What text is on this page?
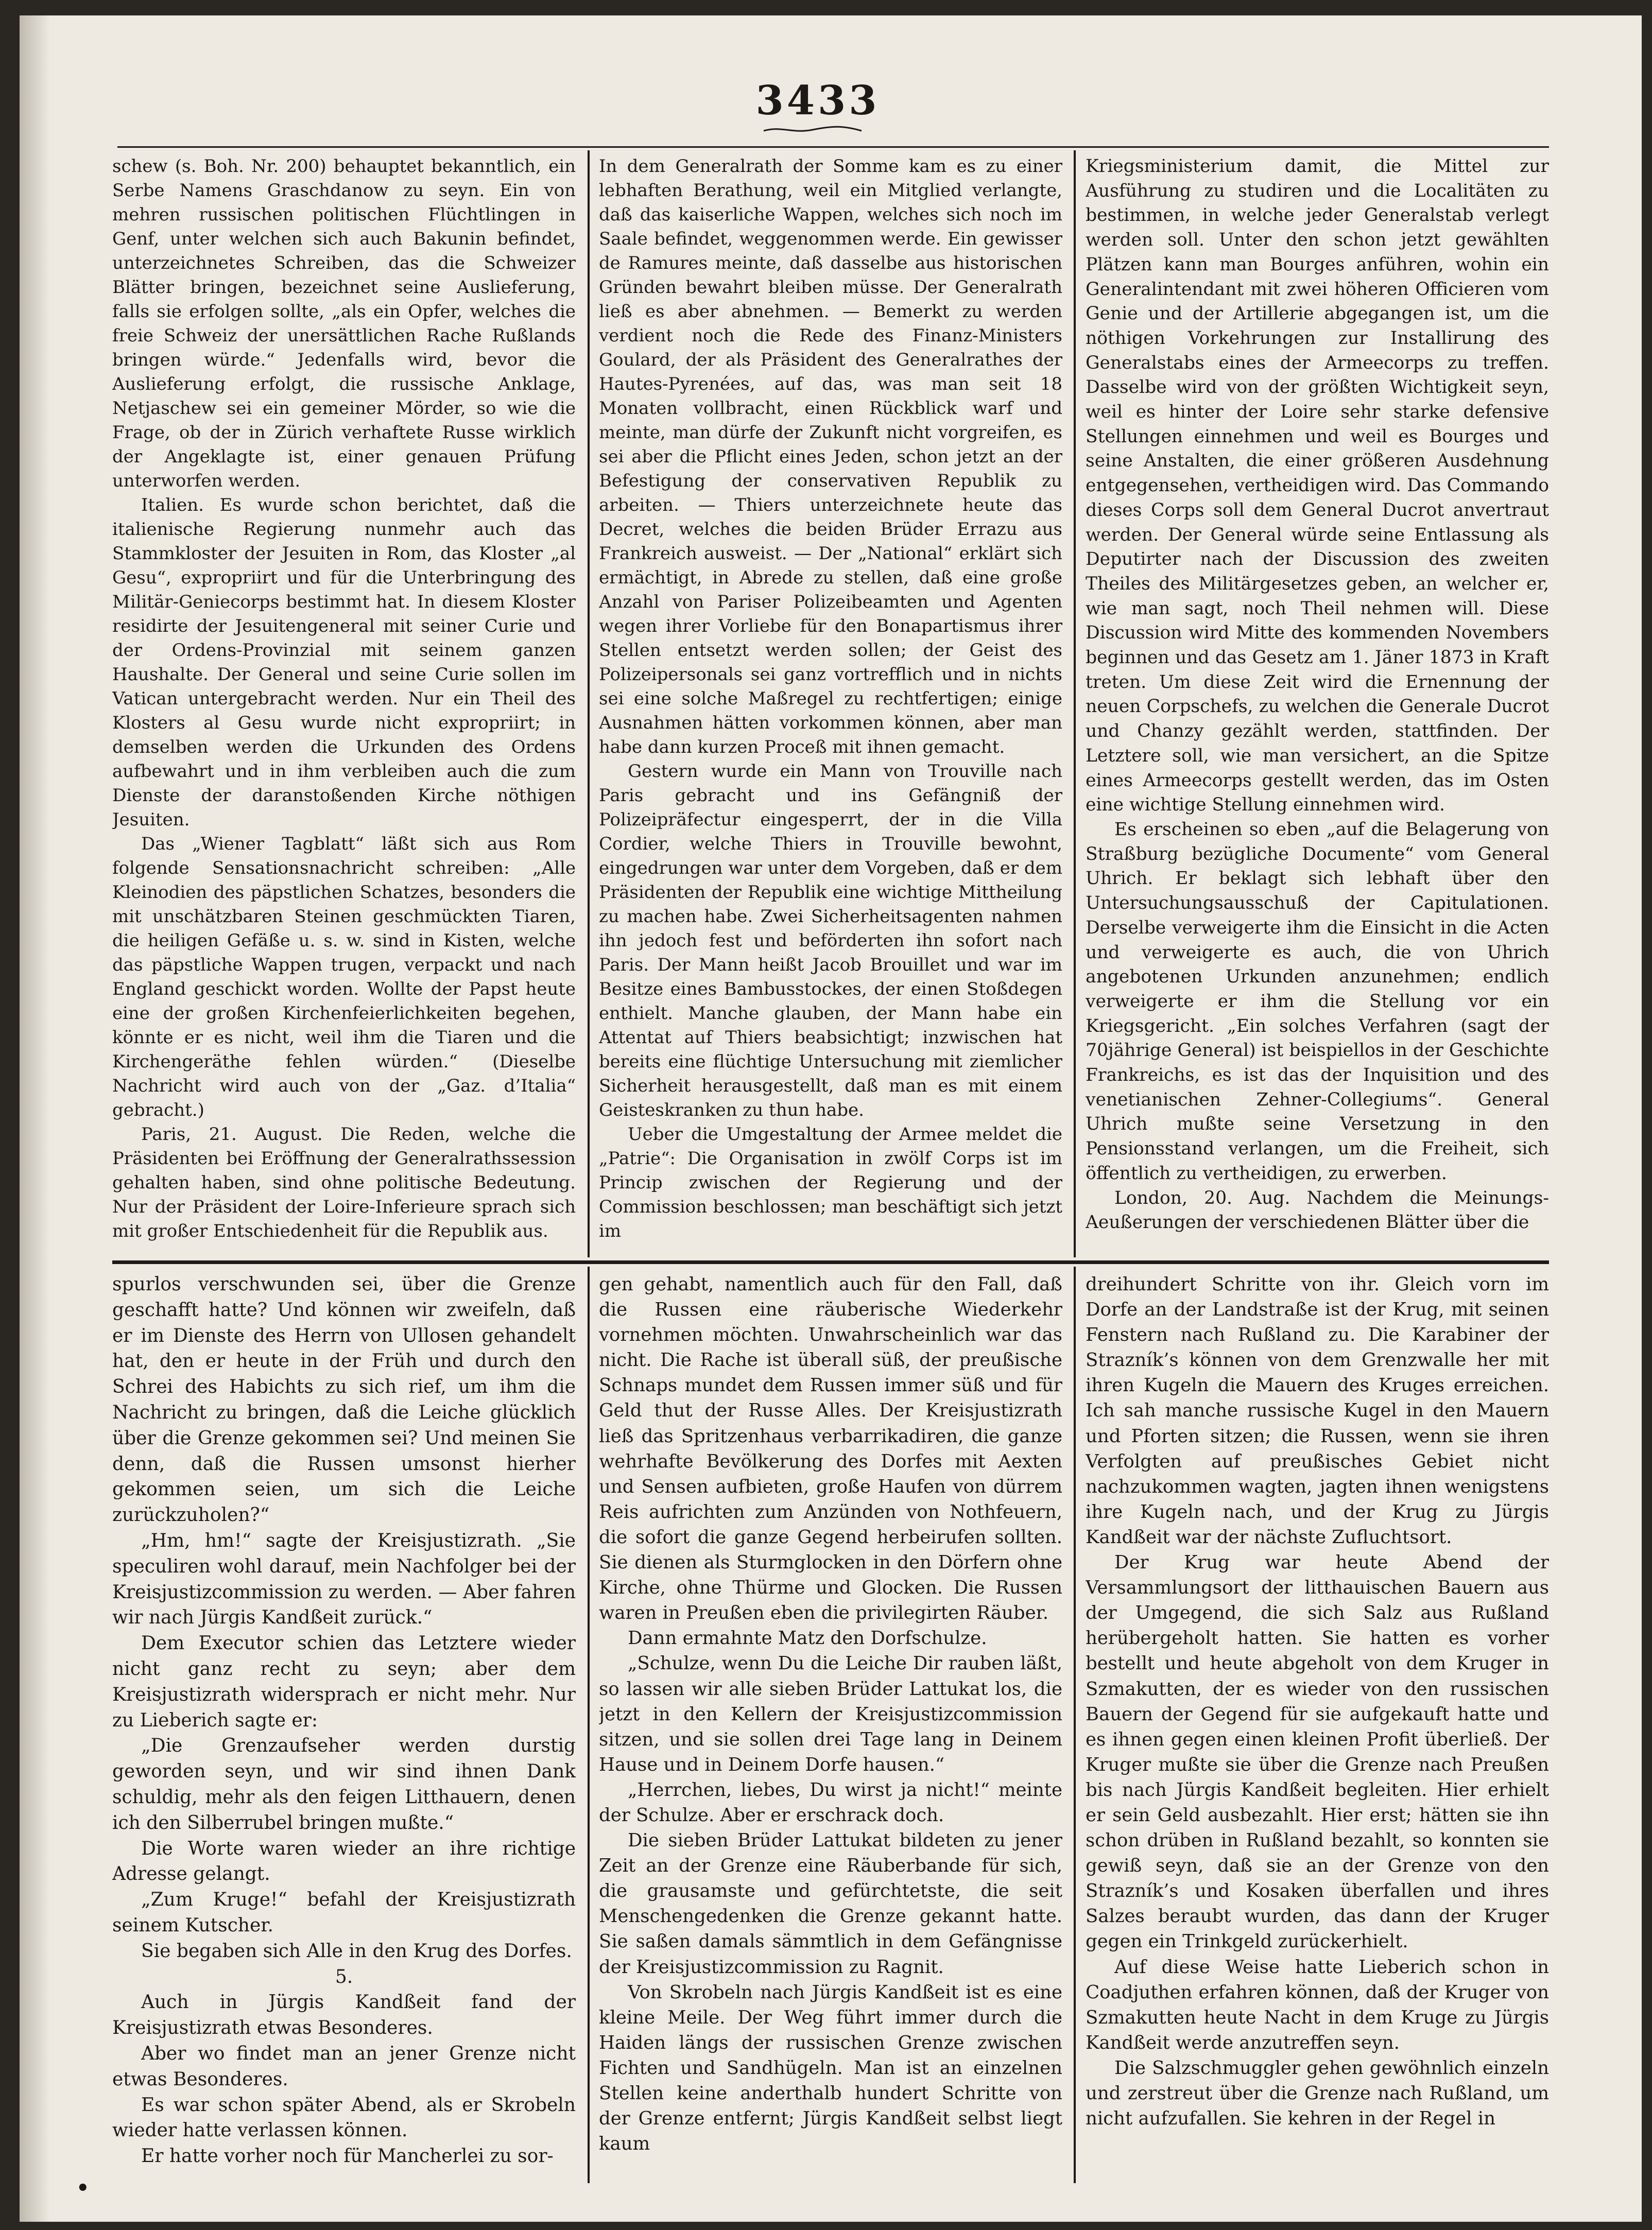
3433

schew (s. Boh. Nr. 200) behauptet bekanntlich, ein Serbe Namens Graschdanow zu seyn. Ein von mehren russischen politischen Flüchtlingen in Genf, unter welchen sich auch Bakunin befindet, unterzeichnetes Schreiben, das die Schweizer Blätter bringen, bezeichnet seine Auslieferung, falls sie erfolgen sollte, „als ein Opfer, welches die freie Schweiz der unersättlichen Rache Rußlands bringen würde.“ Jedenfalls wird, bevor die Auslieferung erfolgt, die russische Anklage, Netjaschew sei ein gemeiner Mörder, so wie die Frage, ob der in Zürich verhaftete Russe wirklich der Angeklagte ist, einer genauen Prüfung unterworfen werden.

Italien. Es wurde schon berichtet, daß die italienische Regierung nunmehr auch das Stammkloster der Jesuiten in Rom, das Kloster „al Gesu“, expropriirt und für die Unterbringung des Militär-Geniecorps bestimmt hat. In diesem Kloster residirte der Jesuitengeneral mit seiner Curie und der Ordens-Provinzial mit seinem ganzen Haushalte. Der General und seine Curie sollen im Vatican untergebracht werden. Nur ein Theil des Klosters al Gesu wurde nicht expropriirt; in demselben werden die Urkunden des Ordens aufbewahrt und in ihm verbleiben auch die zum Dienste der daranstoßenden Kirche nöthigen Jesuiten.

Das „Wiener Tagblatt“ läßt sich aus Rom folgende Sensationsnachricht schreiben: „Alle Kleinodien des päpstlichen Schatzes, besonders die mit unschätzbaren Steinen geschmückten Tiaren, die heiligen Gefäße u. s. w. sind in Kisten, welche das päpstliche Wappen trugen, verpackt und nach England geschickt worden. Wollte der Papst heute eine der großen Kirchenfeierlichkeiten begehen, könnte er es nicht, weil ihm die Tiaren und die Kirchengeräthe fehlen würden.“ (Dieselbe Nachricht wird auch von der „Gaz. d’Italia“ gebracht.)

Paris, 21. August. Die Reden, welche die Präsidenten bei Eröffnung der Generalrathssession gehalten haben, sind ohne politische Bedeutung. Nur der Präsident der Loire-Inferieure sprach sich mit großer Entschiedenheit für die Republik aus.

In dem Generalrath der Somme kam es zu einer lebhaften Berathung, weil ein Mitglied verlangte, daß das kaiserliche Wappen, welches sich noch im Saale befindet, weggenommen werde. Ein gewisser de Ramures meinte, daß dasselbe aus historischen Gründen bewahrt bleiben müsse. Der Generalrath ließ es aber abnehmen. — Bemerkt zu werden verdient noch die Rede des Finanz-Ministers Goulard, der als Präsident des Generalrathes der Hautes-Pyrenées, auf das, was man seit 18 Monaten vollbracht, einen Rückblick warf und meinte, man dürfe der Zukunft nicht vorgreifen, es sei aber die Pflicht eines Jeden, schon jetzt an der Befestigung der conservativen Republik zu arbeiten. — Thiers unterzeichnete heute das Decret, welches die beiden Brüder Errazu aus Frankreich ausweist. — Der „National“ erklärt sich ermächtigt, in Abrede zu stellen, daß eine große Anzahl von Pariser Polizeibeamten und Agenten wegen ihrer Vorliebe für den Bonapartismus ihrer Stellen entsetzt werden sollen; der Geist des Polizeipersonals sei ganz vortrefflich und in nichts sei eine solche Maßregel zu rechtfertigen; einige Ausnahmen hätten vorkommen können, aber man habe dann kurzen Proceß mit ihnen gemacht.

Gestern wurde ein Mann von Trouville nach Paris gebracht und ins Gefängniß der Polizeipräfectur eingesperrt, der in die Villa Cordier, welche Thiers in Trouville bewohnt, eingedrungen war unter dem Vorgeben, daß er dem Präsidenten der Republik eine wichtige Mittheilung zu machen habe. Zwei Sicherheitsagenten nahmen ihn jedoch fest und beförderten ihn sofort nach Paris. Der Mann heißt Jacob Brouillet und war im Besitze eines Bambusstockes, der einen Stoßdegen enthielt. Manche glauben, der Mann habe ein Attentat auf Thiers beabsichtigt; inzwischen hat bereits eine flüchtige Untersuchung mit ziemlicher Sicherheit herausgestellt, daß man es mit einem Geisteskranken zu thun habe.

Ueber die Umgestaltung der Armee meldet die „Patrie“: Die Organisation in zwölf Corps ist im Princip zwischen der Regierung und der Commission beschlossen; man beschäftigt sich jetzt im

Kriegsministerium damit, die Mittel zur Ausführung zu studiren und die Localitäten zu bestimmen, in welche jeder Generalstab verlegt werden soll. Unter den schon jetzt gewählten Plätzen kann man Bourges anführen, wohin ein Generalintendant mit zwei höheren Officieren vom Genie und der Artillerie abgegangen ist, um die nöthigen Vorkehrungen zur Installirung des Generalstabs eines der Armeecorps zu treffen. Dasselbe wird von der größten Wichtigkeit seyn, weil es hinter der Loire sehr starke defensive Stellungen einnehmen und weil es Bourges und seine Anstalten, die einer größeren Ausdehnung entgegensehen, vertheidigen wird. Das Commando dieses Corps soll dem General Ducrot anvertraut werden. Der General würde seine Entlassung als Deputirter nach der Discussion des zweiten Theiles des Militärgesetzes geben, an welcher er, wie man sagt, noch Theil nehmen will. Diese Discussion wird Mitte des kommenden Novembers beginnen und das Gesetz am 1. Jäner 1873 in Kraft treten. Um diese Zeit wird die Ernennung der neuen Corpschefs, zu welchen die Generale Ducrot und Chanzy gezählt werden, stattfinden. Der Letztere soll, wie man versichert, an die Spitze eines Armeecorps gestellt werden, das im Osten eine wichtige Stellung einnehmen wird.

Es erscheinen so eben „auf die Belagerung von Straßburg bezügliche Documente“ vom General Uhrich. Er beklagt sich lebhaft über den Untersuchungsausschuß der Capitulationen. Derselbe verweigerte ihm die Einsicht in die Acten und verweigerte es auch, die von Uhrich angebotenen Urkunden anzunehmen; endlich verweigerte er ihm die Stellung vor ein Kriegsgericht. „Ein solches Verfahren (sagt der 70jährige General) ist beispiellos in der Geschichte Frankreichs, es ist das der Inquisition und des venetianischen Zehner-Collegiums“. General Uhrich mußte seine Versetzung in den Pensionsstand verlangen, um die Freiheit, sich öffentlich zu vertheidigen, zu erwerben.

London, 20. Aug. Nachdem die Meinungs-Aeußerungen der verschiedenen Blätter über die

spurlos verschwunden sei, über die Grenze geschafft hatte? Und können wir zweifeln, daß er im Dienste des Herrn von Ullosen gehandelt hat, den er heute in der Früh und durch den Schrei des Habichts zu sich rief, um ihm die Nachricht zu bringen, daß die Leiche glücklich über die Grenze gekommen sei? Und meinen Sie denn, daß die Russen umsonst hierher gekommen seien, um sich die Leiche zurückzuholen?“

„Hm, hm!“ sagte der Kreisjustizrath. „Sie speculiren wohl darauf, mein Nachfolger bei der Kreisjustizcommission zu werden. — Aber fahren wir nach Jürgis Kandßeit zurück.“

Dem Executor schien das Letztere wieder nicht ganz recht zu seyn; aber dem Kreisjustizrath widersprach er nicht mehr. Nur zu Lieberich sagte er:

„Die Grenzaufseher werden durstig geworden seyn, und wir sind ihnen Dank schuldig, mehr als den feigen Litthauern, denen ich den Silberrubel bringen mußte.“

Die Worte waren wieder an ihre richtige Adresse gelangt.

„Zum Kruge!“ befahl der Kreisjustizrath seinem Kutscher.

Sie begaben sich Alle in den Krug des Dorfes.

5.

Auch in Jürgis Kandßeit fand der Kreisjustizrath etwas Besonderes.

Aber wo findet man an jener Grenze nicht etwas Besonderes.

Es war schon später Abend, als er Skrobeln wieder hatte verlassen können.

Er hatte vorher noch für Mancherlei zu sor-

gen gehabt, namentlich auch für den Fall, daß die Russen eine räuberische Wiederkehr vornehmen möchten. Unwahrscheinlich war das nicht. Die Rache ist überall süß, der preußische Schnaps mundet dem Russen immer süß und für Geld thut der Russe Alles. Der Kreisjustizrath ließ das Spritzenhaus verbarrikadiren, die ganze wehrhafte Bevölkerung des Dorfes mit Aexten und Sensen aufbieten, große Haufen von dürrem Reis aufrichten zum Anzünden von Nothfeuern, die sofort die ganze Gegend herbeirufen sollten. Sie dienen als Sturmglocken in den Dörfern ohne Kirche, ohne Thürme und Glocken. Die Russen waren in Preußen eben die privilegirten Räuber.

Dann ermahnte Matz den Dorfschulze.

„Schulze, wenn Du die Leiche Dir rauben läßt, so lassen wir alle sieben Brüder Lattukat los, die jetzt in den Kellern der Kreisjustizcommission sitzen, und sie sollen drei Tage lang in Deinem Hause und in Deinem Dorfe hausen.“

„Herrchen, liebes, Du wirst ja nicht!“ meinte der Schulze. Aber er erschrack doch.

Die sieben Brüder Lattukat bildeten zu jener Zeit an der Grenze eine Räuberbande für sich, die grausamste und gefürchtetste, die seit Menschengedenken die Grenze gekannt hatte. Sie saßen damals sämmtlich in dem Gefängnisse der Kreisjustizcommission zu Ragnit.

Von Skrobeln nach Jürgis Kandßeit ist es eine kleine Meile. Der Weg führt immer durch die Haiden längs der russischen Grenze zwischen Fichten und Sandhügeln. Man ist an einzelnen Stellen keine anderthalb hundert Schritte von der Grenze entfernt; Jürgis Kandßeit selbst liegt kaum

dreihundert Schritte von ihr. Gleich vorn im Dorfe an der Landstraße ist der Krug, mit seinen Fenstern nach Rußland zu. Die Karabiner der Strazník’s können von dem Grenzwalle her mit ihren Kugeln die Mauern des Kruges erreichen. Ich sah manche russische Kugel in den Mauern und Pforten sitzen; die Russen, wenn sie ihren Verfolgten auf preußisches Gebiet nicht nachzukommen wagten, jagten ihnen wenigstens ihre Kugeln nach, und der Krug zu Jürgis Kandßeit war der nächste Zufluchtsort.

Der Krug war heute Abend der Versammlungsort der litthauischen Bauern aus der Umgegend, die sich Salz aus Rußland herübergeholt hatten. Sie hatten es vorher bestellt und heute abgeholt von dem Kruger in Szmakutten, der es wieder von den russischen Bauern der Gegend für sie aufgekauft hatte und es ihnen gegen einen kleinen Profit überließ. Der Kruger mußte sie über die Grenze nach Preußen bis nach Jürgis Kandßeit begleiten. Hier erhielt er sein Geld ausbezahlt. Hier erst; hätten sie ihn schon drüben in Rußland bezahlt, so konnten sie gewiß seyn, daß sie an der Grenze von den Strazník’s und Kosaken überfallen und ihres Salzes beraubt wurden, das dann der Kruger gegen ein Trinkgeld zurückerhielt.

Auf diese Weise hatte Lieberich schon in Coadjuthen erfahren können, daß der Kruger von Szmakutten heute Nacht in dem Kruge zu Jürgis Kandßeit werde anzutreffen seyn.

Die Salzschmuggler gehen gewöhnlich einzeln und zerstreut über die Grenze nach Rußland, um nicht aufzufallen. Sie kehren in der Regel in

•
